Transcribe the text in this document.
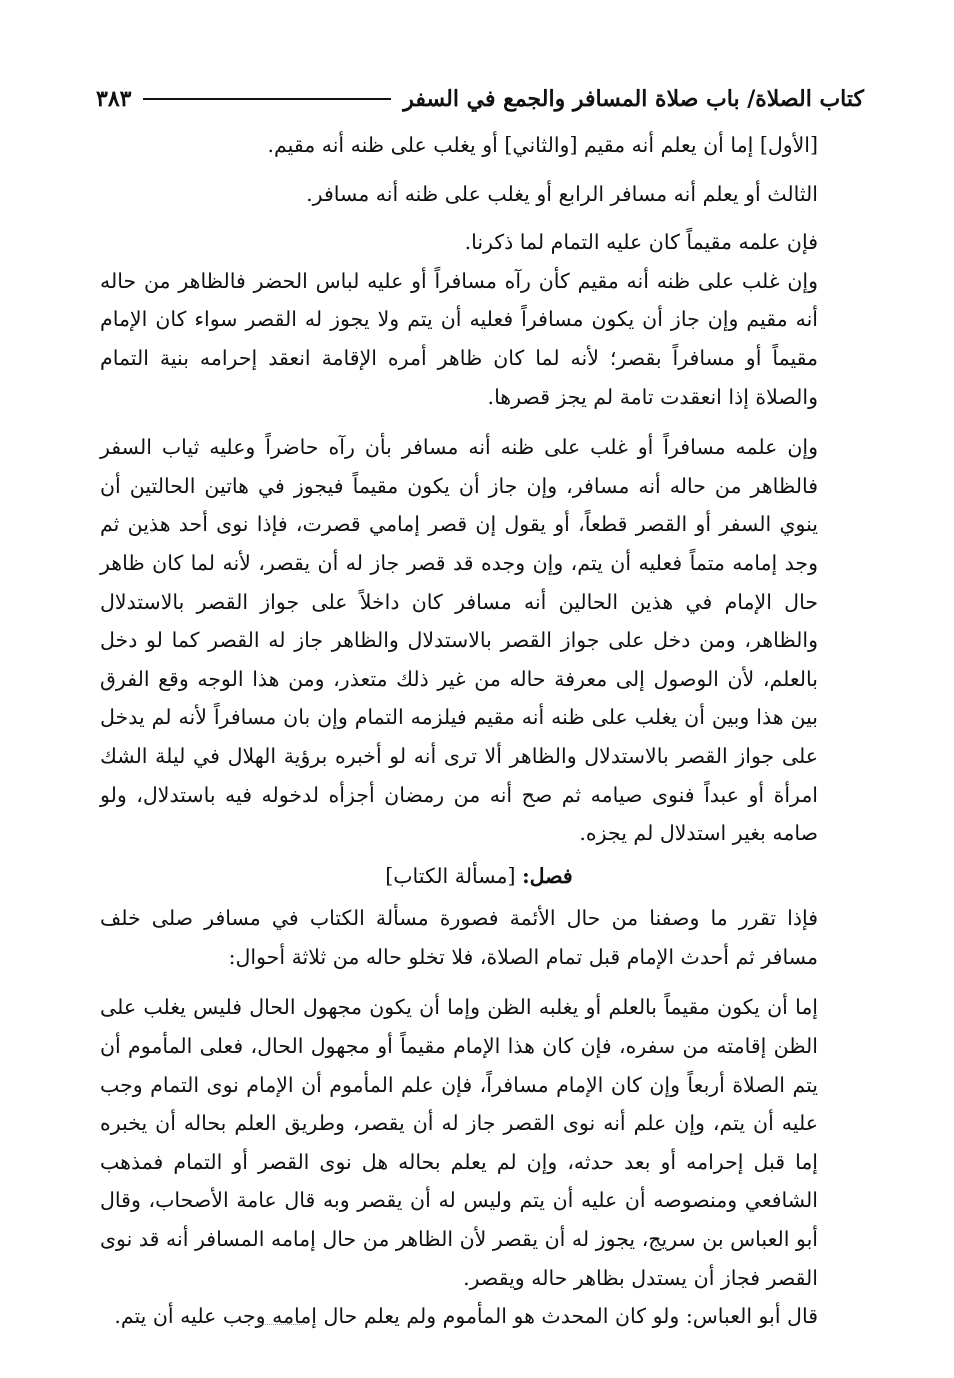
كتاب الصلاة/ باب صلاة المسافر والجمع في السفر
٣٨٣

[الأول] إما أن يعلم أنه مقيم [والثاني] أو يغلب على ظنه أنه مقيم.

الثالث أو يعلم أنه مسافر الرابع أو يغلب على ظنه أنه مسافر.

فإن علمه مقيماً كان عليه التمام لما ذكرنا.

وإن غلب على ظنه أنه مقيم كأن رآه مسافراً أو عليه لباس الحضر فالظاهر من حاله أنه مقيم وإن جاز أن يكون مسافراً فعليه أن يتم ولا يجوز له القصر سواء كان الإمام مقيماً أو مسافراً بقصر؛ لأنه لما كان ظاهر أمره الإقامة انعقد إحرامه بنية التمام والصلاة إذا انعقدت تامة لم يجز قصرها.

وإن علمه مسافراً أو غلب على ظنه أنه مسافر بأن رآه حاضراً وعليه ثياب السفر فالظاهر من حاله أنه مسافر، وإن جاز أن يكون مقيماً فيجوز في هاتين الحالتين أن ينوي السفر أو القصر قطعاً، أو يقول إن قصر إمامي قصرت، فإذا نوى أحد هذين ثم وجد إمامه متماً فعليه أن يتم، وإن وجده قد قصر جاز له أن يقصر، لأنه لما كان ظاهر حال الإمام في هذين الحالين أنه مسافر كان داخلاً على جواز القصر بالاستدلال والظاهر، ومن دخل على جواز القصر بالاستدلال والظاهر جاز له القصر كما لو دخل بالعلم، لأن الوصول إلى معرفة حاله من غير ذلك متعذر، ومن هذا الوجه وقع الفرق بين هذا وبين أن يغلب على ظنه أنه مقيم فيلزمه التمام وإن بان مسافراً لأنه لم يدخل على جواز القصر بالاستدلال والظاهر ألا ترى أنه لو أخبره برؤية الهلال في ليلة الشك امرأة أو عبداً فنوى صيامه ثم صح أنه من رمضان أجزأه لدخوله فيه باستدلال، ولو صامه بغير استدلال لم يجزه.

فصل: [مسألة الكتاب]

فإذا تقرر ما وصفنا من حال الأئمة فصورة مسألة الكتاب في مسافر صلى خلف مسافر ثم أحدث الإمام قبل تمام الصلاة، فلا تخلو حاله من ثلاثة أحوال:

إما أن يكون مقيماً بالعلم أو يغلبه الظن وإما أن يكون مجهول الحال فليس يغلب على الظن إقامته من سفره، فإن كان هذا الإمام مقيماً أو مجهول الحال، فعلى المأموم أن يتم الصلاة أربعاً وإن كان الإمام مسافراً، فإن علم المأموم أن الإمام نوى التمام وجب عليه أن يتم، وإن علم أنه نوى القصر جاز له أن يقصر، وطريق العلم بحاله أن يخبره إما قبل إحرامه أو بعد حدثه، وإن لم يعلم بحاله هل نوى القصر أو التمام فمذهب الشافعي ومنصوصه أن عليه أن يتم وليس له أن يقصر وبه قال عامة الأصحاب، وقال أبو العباس بن سريج، يجوز له أن يقصر لأن الظاهر من حال إمامه المسافر أنه قد نوى القصر فجاز أن يستدل بظاهر حاله ويقصر.

قال أبو العباس: ولو كان المحدث هو المأموم ولم يعلم حال إمامه وجب عليه أن يتم.
